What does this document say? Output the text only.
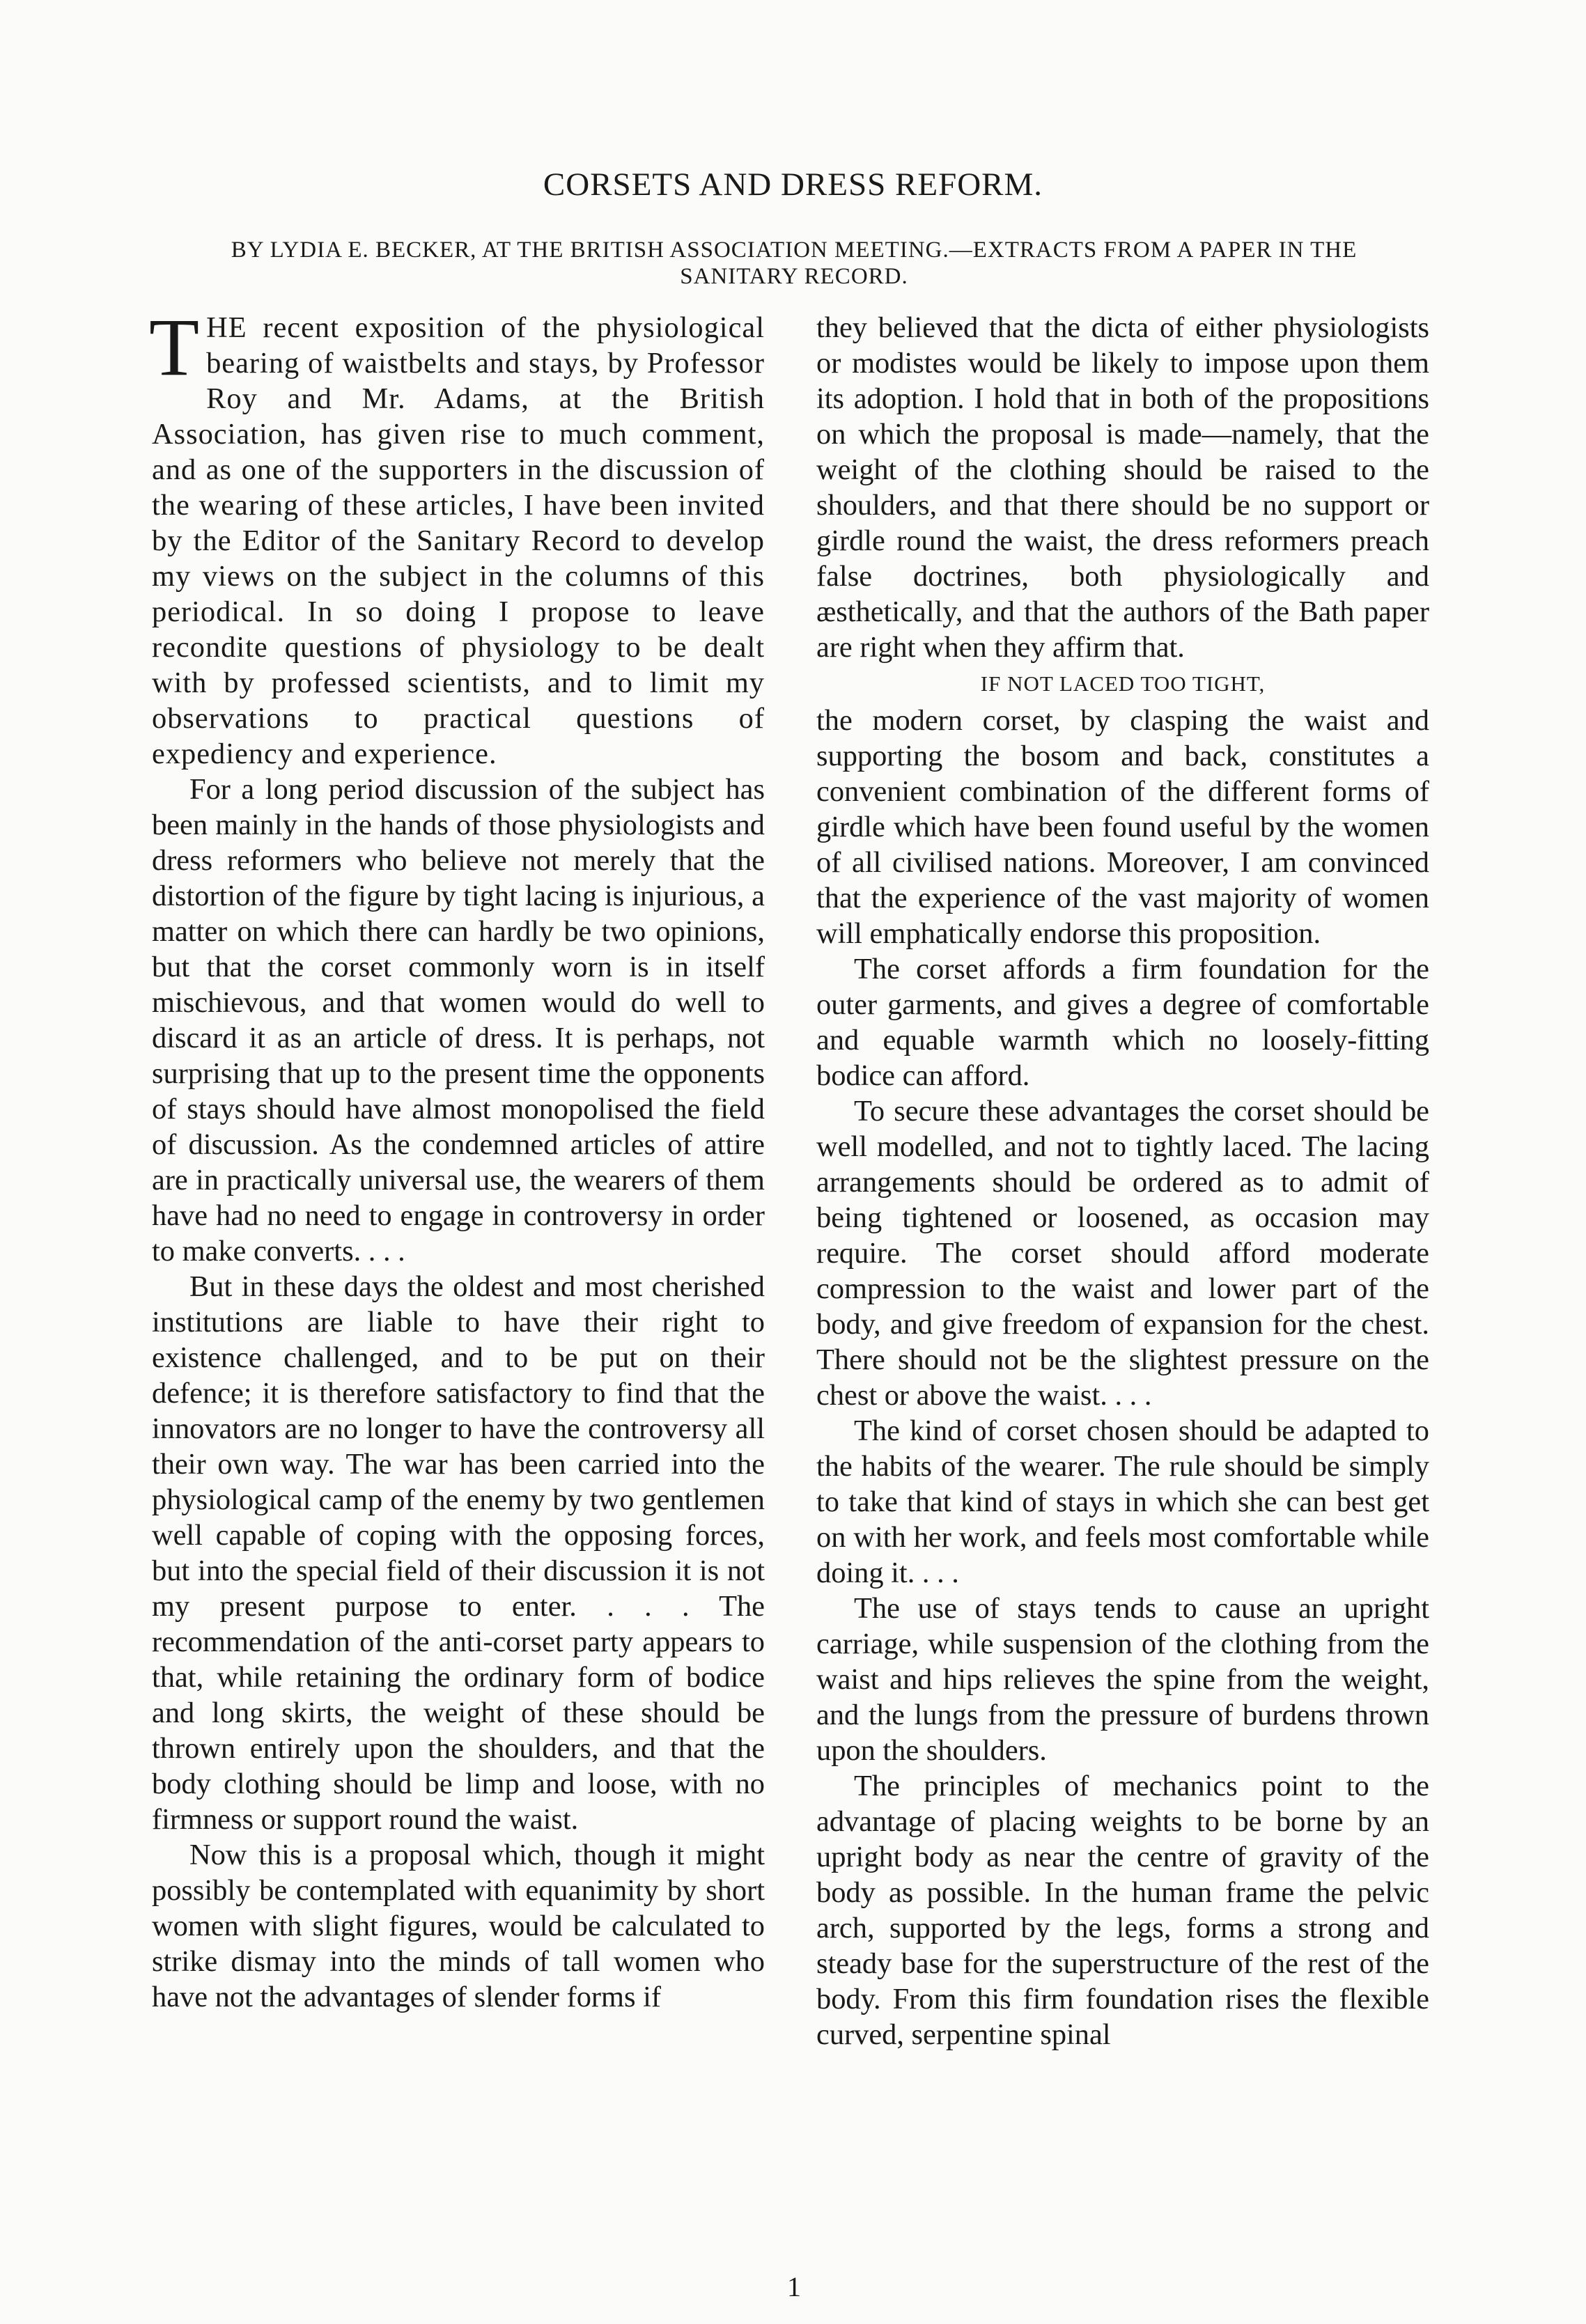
CORSETS AND DRESS REFORM.
BY LYDIA E. BECKER, AT THE BRITISH ASSOCIATION MEETING.—EXTRACTS FROM A PAPER IN THE SANITARY RECORD.

THE recent exposition of the physiological bearing of waistbelts and stays, by Professor Roy and Mr. Adams, at the British Association, has given rise to much comment, and as one of the supporters in the discussion of the wearing of these articles, I have been invited by the Editor of the Sanitary Record to develop my views on the subject in the columns of this periodical. In so doing I propose to leave recondite questions of physiology to be dealt with by professed scientists, and to limit my observations to practical questions of expediency and experience.

For a long period discussion of the subject has been mainly in the hands of those physiologists and dress reformers who believe not merely that the distortion of the figure by tight lacing is injurious, a matter on which there can hardly be two opinions, but that the corset commonly worn is in itself mischievous, and that women would do well to discard it as an article of dress. It is perhaps, not surprising that up to the present time the opponents of stays should have almost monopolised the field of discussion. As the condemned articles of attire are in practically universal use, the wearers of them have had no need to engage in controversy in order to make converts. . . .

But in these days the oldest and most cherished institutions are liable to have their right to existence challenged, and to be put on their defence; it is therefore satisfactory to find that the innovators are no longer to have the controversy all their own way. The war has been carried into the physiological camp of the enemy by two gentlemen well capable of coping with the opposing forces, but into the special field of their discussion it is not my present purpose to enter. . . . The recommendation of the anti-corset party appears to that, while retaining the ordinary form of bodice and long skirts, the weight of these should be thrown entirely upon the shoulders, and that the body clothing should be limp and loose, with no firmness or support round the waist.

Now this is a proposal which, though it might possibly be contemplated with equanimity by short women with slight figures, would be calculated to strike dismay into the minds of tall women who have not the advantages of slender forms if

they believed that the dicta of either physiologists or modistes would be likely to impose upon them its adoption. I hold that in both of the propositions on which the proposal is made—namely, that the weight of the clothing should be raised to the shoulders, and that there should be no support or girdle round the waist, the dress reformers preach false doctrines, both physiologically and æsthetically, and that the authors of the Bath paper are right when they affirm that.

IF NOT LACED TOO TIGHT,

the modern corset, by clasping the waist and supporting the bosom and back, constitutes a convenient combination of the different forms of girdle which have been found useful by the women of all civilised nations. Moreover, I am convinced that the experience of the vast majority of women will emphatically endorse this proposition.

The corset affords a firm foundation for the outer garments, and gives a degree of comfortable and equable warmth which no loosely-fitting bodice can afford.

To secure these advantages the corset should be well modelled, and not to tightly laced. The lacing arrangements should be ordered as to admit of being tightened or loosened, as occasion may require. The corset should afford moderate compression to the waist and lower part of the body, and give freedom of expansion for the chest. There should not be the slightest pressure on the chest or above the waist. . . .

The kind of corset chosen should be adapted to the habits of the wearer. The rule should be simply to take that kind of stays in which she can best get on with her work, and feels most comfortable while doing it. . . .

The use of stays tends to cause an upright carriage, while suspension of the clothing from the waist and hips relieves the spine from the weight, and the lungs from the pressure of burdens thrown upon the shoulders.

The principles of mechanics point to the advantage of placing weights to be borne by an upright body as near the centre of gravity of the body as possible. In the human frame the pelvic arch, supported by the legs, forms a strong and steady base for the superstructure of the rest of the body. From this firm foundation rises the flexible curved, serpentine spinal

1
